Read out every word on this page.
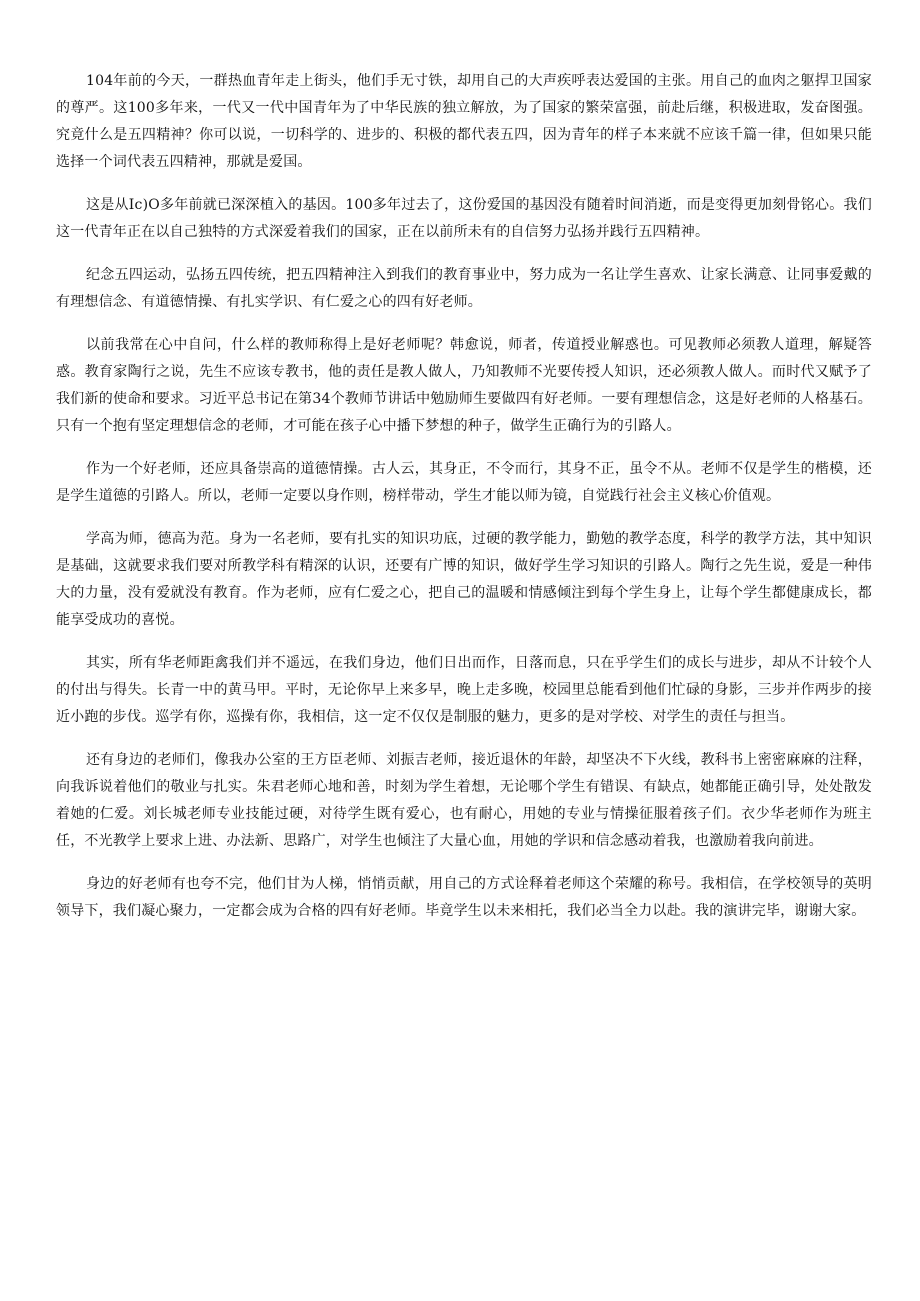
104年前的今天，一群热血青年走上街头，他们手无寸铁，却用自己的大声疾呼表达爱国的主张。用自己的血肉之躯捍卫国家的尊严。这100多年来，一代又一代中国青年为了中华民族的独立解放，为了国家的繁荣富强，前赴后继，积极进取，发奋图强。究竟什么是五四精神？你可以说，一切科学的、进步的、积极的都代表五四，因为青年的样子本来就不应该千篇一律，但如果只能选择一个词代表五四精神，那就是爱国。

这是从Ic)O多年前就已深深植入的基因。100多年过去了，这份爱国的基因没有随着时间消逝，而是变得更加刻骨铭心。我们这一代青年正在以自己独特的方式深爱着我们的国家，正在以前所未有的自信努力弘扬并践行五四精神。

纪念五四运动，弘扬五四传统，把五四精神注入到我们的教育事业中，努力成为一名让学生喜欢、让家长满意、让同事爱戴的有理想信念、有道德情操、有扎实学识、有仁爱之心的四有好老师。

以前我常在心中自问，什么样的教师称得上是好老师呢？韩愈说，师者，传道授业解惑也。可见教师必须教人道理，解疑答惑。教育家陶行之说，先生不应该专教书，他的责任是教人做人，乃知教师不光要传授人知识，还必须教人做人。而时代又赋予了我们新的使命和要求。习近平总书记在第34个教师节讲话中勉励师生要做四有好老师。一要有理想信念，这是好老师的人格基石。只有一个抱有坚定理想信念的老师，才可能在孩子心中播下梦想的种子，做学生正确行为的引路人。

作为一个好老师，还应具备崇高的道德情操。古人云，其身正，不令而行，其身不正，虽令不从。老师不仅是学生的楷模，还是学生道德的引路人。所以，老师一定要以身作则，榜样带动，学生才能以师为镜，自觉践行社会主义核心价值观。

学高为师，德高为范。身为一名老师，要有扎实的知识功底，过硬的教学能力，勤勉的教学态度，科学的教学方法，其中知识是基础，这就要求我们要对所教学科有精深的认识，还要有广博的知识，做好学生学习知识的引路人。陶行之先生说，爱是一种伟大的力量，没有爱就没有教育。作为老师，应有仁爱之心，把自己的温暖和情感倾注到每个学生身上，让每个学生都健康成长，都能享受成功的喜悦。

其实，所有华老师距禽我们并不遥远，在我们身边，他们日出而作，日落而息，只在乎学生们的成长与进步，却从不计较个人的付出与得失。长青一中的黄马甲。平时，无论你早上来多早，晚上走多晚，校园里总能看到他们忙碌的身影，三步并作两步的接近小跑的步伐。巡学有你，巡操有你，我相信，这一定不仅仅是制服的魅力，更多的是对学校、对学生的责任与担当。

还有身边的老师们，像我办公室的王方臣老师、刘振吉老师，接近退休的年龄，却坚决不下火线，教科书上密密麻麻的注释，向我诉说着他们的敬业与扎实。朱君老师心地和善，时刻为学生着想，无论哪个学生有错误、有缺点，她都能正确引导，处处散发着她的仁爱。刘长城老师专业技能过硬，对待学生既有爱心，也有耐心，用她的专业与情操征服着孩子们。衣少华老师作为班主任，不光教学上要求上进、办法新、思路广，对学生也倾注了大量心血，用她的学识和信念感动着我，也激励着我向前进。

身边的好老师有也夸不完，他们甘为人梯，悄悄贡献，用自己的方式诠释着老师这个荣耀的称号。我相信，在学校领导的英明领导下，我们凝心聚力，一定都会成为合格的四有好老师。毕竟学生以未来相托，我们必当全力以赴。我的演讲完毕，谢谢大家。
